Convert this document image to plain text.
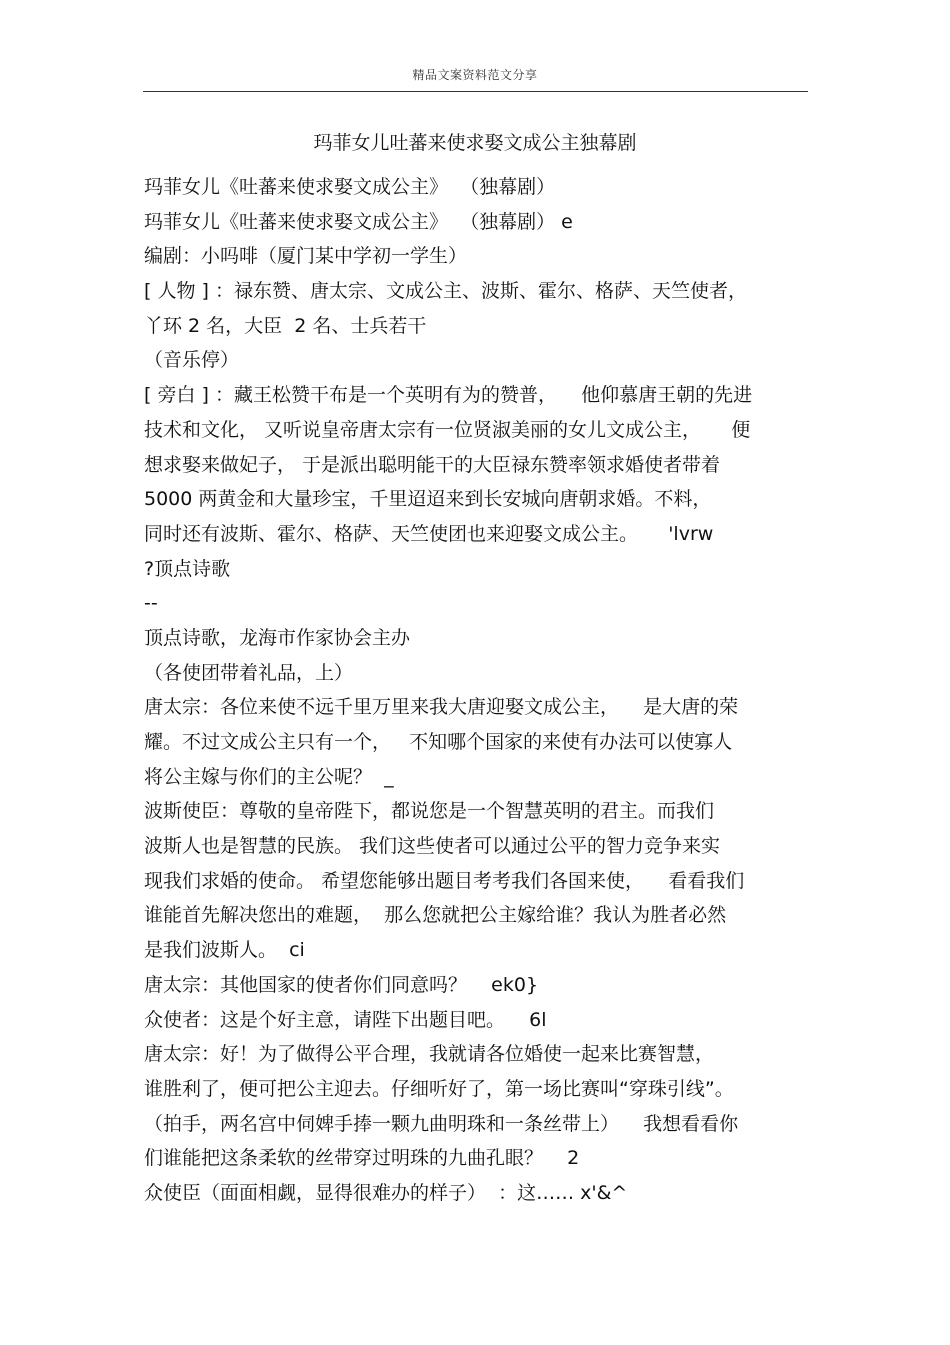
精品文案资料范文分享
玛菲女儿吐蕃来使求娶文成公主独幕剧
玛菲女儿《吐蕃来使求娶文成公主》  （独幕剧）
玛菲女儿《吐蕃来使求娶文成公主》  （独幕剧） e
编剧：小吗啡（厦门某中学初一学生）
[ 人物 ] ：禄东赞、唐太宗、文成公主、波斯、霍尔、格萨、天竺使者，
丫环 2 名，大臣  2 名、士兵若干
（音乐停）
[ 旁白 ] ：藏王松赞干布是一个英明有为的赞普，    他仰慕唐王朝的先进
技术和文化， 又听说皇帝唐太宗有一位贤淑美丽的女儿文成公主，     便
想求娶来做妃子， 于是派出聪明能干的大臣禄东赞率领求婚使者带着
5000 两黄金和大量珍宝，千里迢迢来到长安城向唐朝求婚。不料，
同时还有波斯、霍尔、格萨、天竺使团也来迎娶文成公主。     'lvrw
?顶点诗歌
--
顶点诗歌，龙海市作家协会主办
（各使团带着礼品，上）
唐太宗：各位来使不远千里万里来我大唐迎娶文成公主，    是大唐的荣
耀。不过文成公主只有一个，   不知哪个国家的来使有办法可以使寡人
将公主嫁与你们的主公呢？  _
波斯使臣：尊敬的皇帝陛下，都说您是一个智慧英明的君主。而我们
波斯人也是智慧的民族。 我们这些使者可以通过公平的智力竞争来实
现我们求婚的使命。 希望您能够出题目考考我们各国来使，    看看我们
谁能首先解决您出的难题，  那么您就把公主嫁给谁？我认为胜者必然
是我们波斯人。  ci
唐太宗：其他国家的使者你们同意吗？    ek0}
众使者：这是个好主意，请陛下出题目吧。    6l
唐太宗：好！为了做得公平合理，我就请各位婚使一起来比赛智慧，
谁胜利了，便可把公主迎去。仔细听好了，第一场比赛叫“穿珠引线”。
（拍手，两名宫中伺婢手捧一颗九曲明珠和一条丝带上）    我想看看你
们谁能把这条柔软的丝带穿过明珠的九曲孔眼？    2
众使臣（面面相觑，显得很难办的样子）  ：这…… x'&^
